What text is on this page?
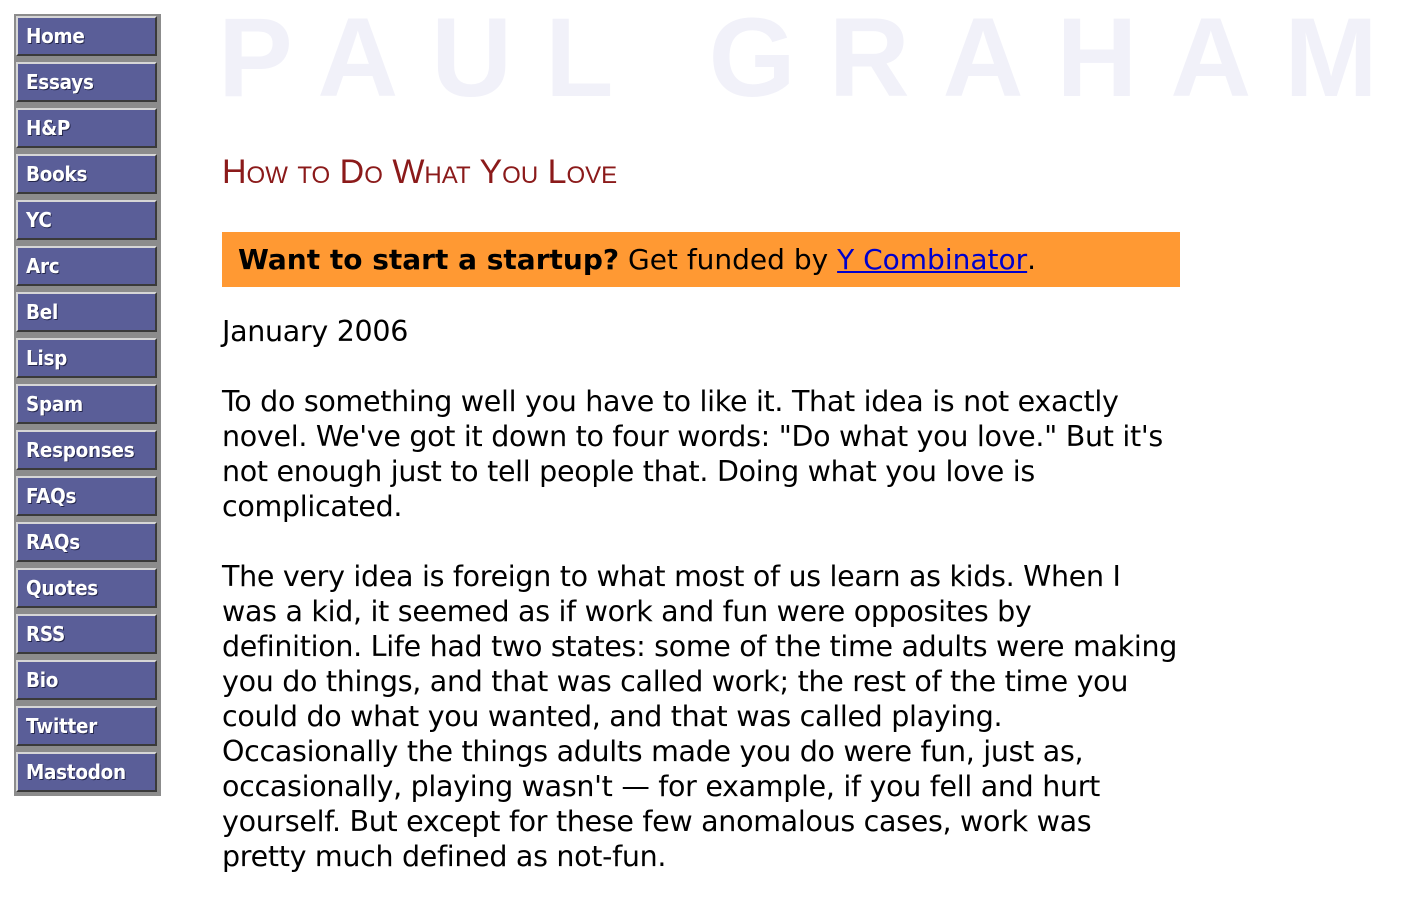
Home
Essays
H&P
Books
YC
Arc
Bel
Lisp
Spam
Responses
FAQs
RAQs
Quotes
RSS
Bio
Twitter
Mastodon
PAUL GRAHAM
How to Do What You Love
Want to start a startup? Get funded by Y Combinator .

January 2006

To do something well you have to like it. That idea is not exactly novel. We've got it down to four words: "Do what you love." But it's not enough just to tell people that. Doing what you love is complicated.

The very idea is foreign to what most of us learn as kids. When I was a kid, it seemed as if work and fun were opposites by definition. Life had two states: some of the time adults were making you do things, and that was called work; the rest of the time you could do what you wanted, and that was called playing. Occasionally the things adults made you do were fun, just as, occasionally, playing wasn't — for example, if you fell and hurt yourself. But except for these few anomalous cases, work was pretty much defined as not-fun.
